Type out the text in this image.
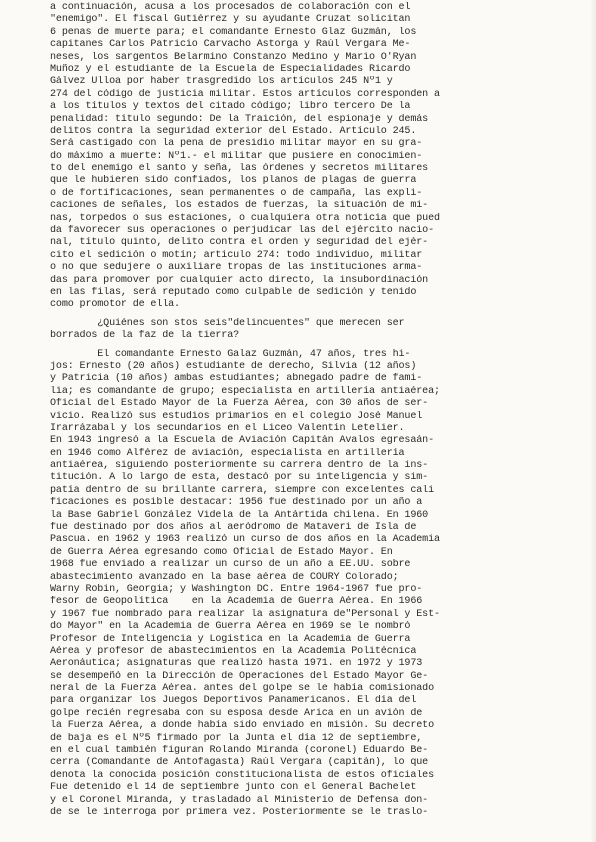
a continuación, acusa a los procesados de colaboración con el
"enemigo". El fiscal Gutiérrez y su ayudante Cruzat solicitan
6 penas de muerte para; el comandante Ernesto Glaz Guzmán, los
capitanes Carlos Patricio Carvacho Astorga y Raúl Vergara Me-
neses, los sargentos Belarmino Constanzo Medino y Mario O'Ryan
Muñoz y el estudiante de la Escuela de Especialidades Ricardo
Gálvez Ulloa por haber trasgredido los artículos 245 Nº1 y
274 del código de justicia militar. Estos artículos corresponden a
a los títulos y textos del citado código; libro tercero De la
penalidad: título segundo: De la Traición, del espionaje y demás
delitos contra la seguridad exterior del Estado. Artículo 245.
Será castigado con la pena de presidio militar mayor en su gra-
do máximo a muerte: Nº1.- el militar que pusiere en conocimien-
to del enemigo el santo y seña, las órdenes y secretos militares
que le hubieren sido confiados, los planos de plagas de guerra
o de fortificaciones, sean permanentes o de campaña, las expli-
caciones de señales, los estados de fuerzas, la situación de mi-
nas, torpedos o sus estaciones, o cualquiera otra noticia que pued
da favorecer sus operaciones o perjudicar las del ejército nacio-
nal, título quinto, delito contra el orden y seguridad del ejér-
cito el sedición o motín; artículo 274: todo individuo, militar
o no que sedujere o auxiliare tropas de las instituciones arma-
das para promover por cualquier acto directo, la insubordinación
en las filas, será reputado como culpable de sedición y tenido
como promotor de ella.
¿Quiénes son stos seis"delincuentes" que merecen ser
borrados de la faz de la tierra?
El comandante Ernesto Galaz Guzmán, 47 años, tres hi-
jos: Ernesto (20 años) estudiante de derecho, Silvia (12 años)
y Patricia (10 años) ambas estudiantes; abnegado padre de fami-
lia; es comandante de grupo; especialista en artillería antiaérea;
Oficial del Estado Mayor de la Fuerza Aérea, con 30 años de ser-
vicio. Realizó sus estudios primarios en el colegio José Manuel
Irarrázabal y los secundarios en el Liceo Valentín Letelier.
En 1943 ingresó a la Escuela de Aviación Capitán Avalos egresaán-
en 1946 como Alférez de aviación, especialista en artillería
antiaérea, siguiendo posteriormente su carrera dentro de la ins-
titución. A lo largo de esta, destacó por su inteligencia y sim-
patía dentro de su brillante carrera, siempre con excelentes cali
ficaciones es posible destacar: 1956 fue destinado por un año a
la Base Gabriel González Videla de la Antártida chilena. En 1960
fue destinado por dos años al aeródromo de Mataveri de Isla de
Pascua. en 1962 y 1963 realizó un curso de dos años en la Academia
de Guerra Aérea egresando como Oficial de Estado Mayor. En
1968 fue enviado a realizar un curso de un año a EE.UU. sobre
abastecimiento avanzado en la base aérea de COURY Colorado;
Warny Robin, Georgia; y Washington DC. Entre 1964-1967 fue pro-
fesor de Geopolítica    en la Academia de Guerra Aérea. En 1966
y 1967 fue nombrado para realizar la asignatura de"Personal y Est-
do Mayor" en la Academia de Guerra Aérea en 1969 se le nombró
Profesor de Inteligencia y Logística en la Academia de Guerra
Aérea y profesor de abastecimientos en la Academia Politécnica
Aeronáutica; asignaturas que realizó hasta 1971. en 1972 y 1973
se desempeñó en la Dirección de Operaciones del Estado Mayor Ge-
neral de la Fuerza Aérea. antes del golpe se le había comisionado
para organizar los Juegos Deportivos Panamericanos. El día del
golpe recién regresaba con su esposa desde Arica en un avión de
la Fuerza Aérea, a donde había sido enviado en misión. Su decreto
de baja es el Nº5 firmado por la Junta el día 12 de septiembre,
en el cual también figuran Rolando Miranda (coronel) Eduardo Be-
cerra (Comandante de Antofagasta) Raúl Vergara (capitán), lo que
denota la conocida posición constitucionalista de estos oficiales
Fue detenido el 14 de septiembre junto con el General Bachelet
y el Coronel Miranda, y trasladado al Ministerio de Defensa don-
de se le interroga por primera vez. Posteriormente se le traslo-
